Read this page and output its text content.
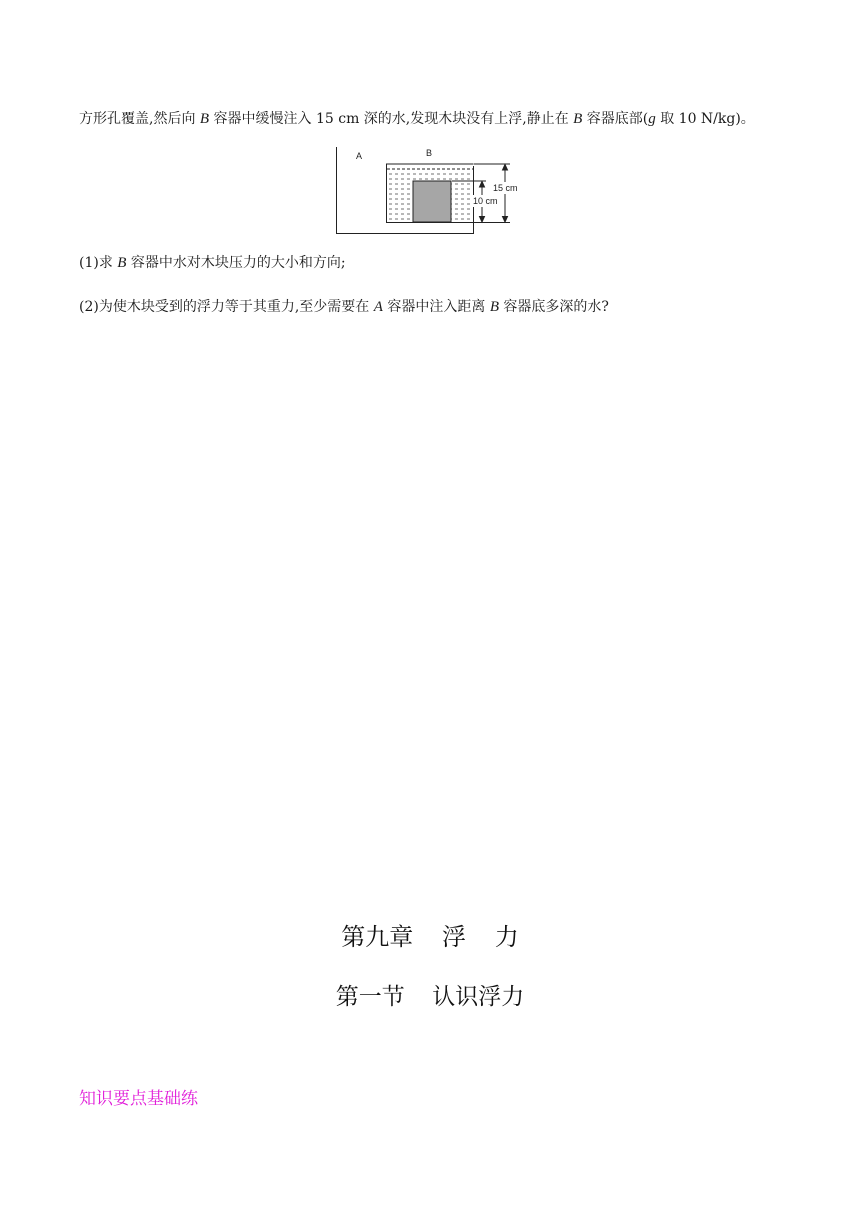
方形孔覆盖,然后向 B 容器中缓慢注入 15 cm 深的水,发现木块没有上浮,静止在 B 容器底部(g 取 10 N/kg)。
A	B
15 cm
10 cm
(1)求 B 容器中水对木块压力的大小和方向;
(2)为使木块受到的浮力等于其重力,至少需要在 A 容器中注入距离 B 容器底多深的水?
第九章 浮 力
第一节 认识浮力
知识要点基础练
